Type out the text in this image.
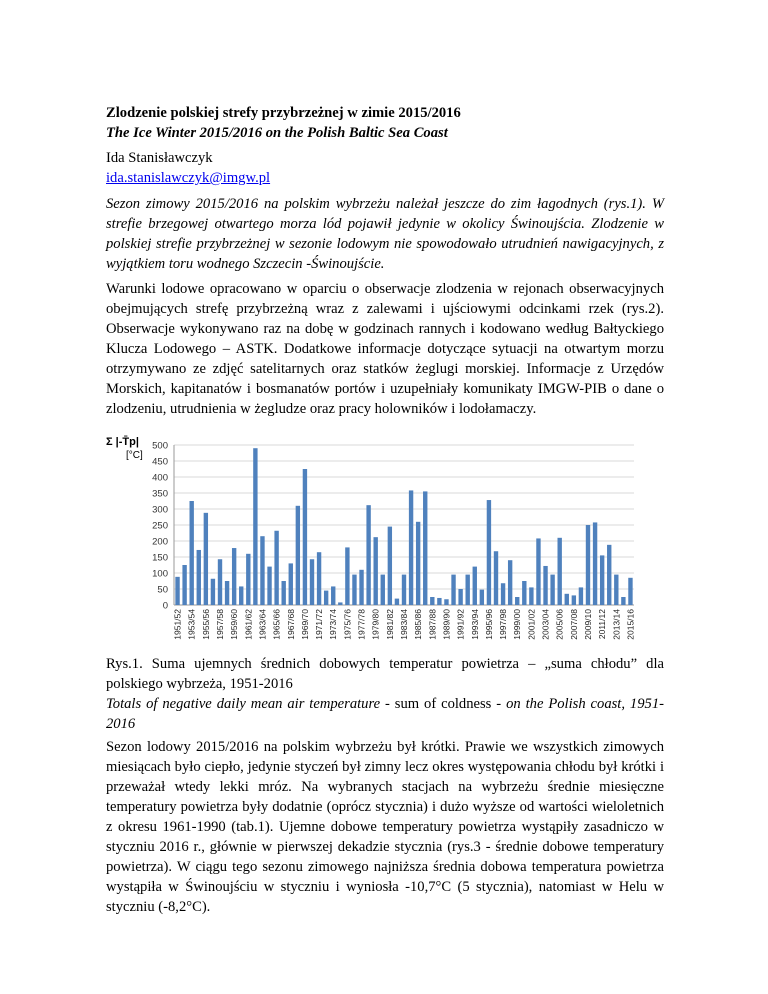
Zlodzenie polskiej strefy przybrzeżnej w zimie 2015/2016
The Ice Winter 2015/2016 on the Polish Baltic Sea Coast
Ida Stanisławczyk
ida.stanislawczyk@imgw.pl
Sezon zimowy 2015/2016 na polskim wybrzeżu należał jeszcze do zim łagodnych (rys.1). W strefie brzegowej otwartego morza lód pojawił jedynie w okolicy Świnoujścia. Zlodzenie w polskiej strefie przybrzeżnej w sezonie lodowym nie spowodowało utrudnień nawigacyjnych, z wyjątkiem toru wodnego Szczecin -Świnoujście.
Warunki lodowe opracowano w oparciu o obserwacje zlodzenia w rejonach obserwacyjnych obejmujących strefę przybrzeżną wraz z zalewami i ujściowymi odcinkami rzek (rys.2). Obserwacje wykonywano raz na dobę w godzinach rannych i kodowano według Bałtyckiego Klucza Lodowego – ASTK. Dodatkowe informacje dotyczące sytuacji na otwartym morzu otrzymywano ze zdjęć satelitarnych oraz statków żeglugi morskiej. Informacje z Urzędów Morskich, kapitanatów i bosmanatów portów i uzupełniały komunikaty IMGW-PIB o dane o zlodzeniu, utrudnienia w żegludze oraz pracy holowników i lodołamaczy.
Σ |-T̄p|
[°C]
0
50
100
150
200
250
300
350
400
450
500
1951/52 1953/54 1955/56 1957/58 1959/60 1961/62 1963/64 1965/66 1967/68 1969/70 1971/72 1973/74 1975/76 1977/78 1979/80 1981/82 1983/84 1985/86 1987/88 1989/90 1991/92 1993/94 1995/96 1997/98 1999/00 2001/02 2003/04 2005/06 2007/08 2009/10 2011/12 2013/14 2015/16
Rys.1. Suma ujemnych średnich dobowych temperatur powietrza – „suma chłodu” dla polskiego wybrzeża, 1951-2016
Totals of negative daily mean air temperature - sum of coldness - on the Polish coast, 1951-2016
Sezon lodowy 2015/2016 na polskim wybrzeżu był krótki. Prawie we wszystkich zimowych miesiącach było ciepło, jedynie styczeń był zimny lecz okres występowania chłodu był krótki i przeważał wtedy lekki mróz. Na wybranych stacjach na wybrzeżu średnie miesięczne temperatury powietrza były dodatnie (oprócz stycznia) i dużo wyższe od wartości wieloletnich z okresu 1961-1990 (tab.1). Ujemne dobowe temperatury powietrza wystąpiły zasadniczo w styczniu 2016 r., głównie w pierwszej dekadzie stycznia (rys.3 - średnie dobowe temperatury powietrza). W ciągu tego sezonu zimowego najniższa średnia dobowa temperatura powietrza wystąpiła w Świnoujściu w styczniu i wyniosła -10,7°C (5 stycznia), natomiast w Helu w styczniu (-8,2°C).
